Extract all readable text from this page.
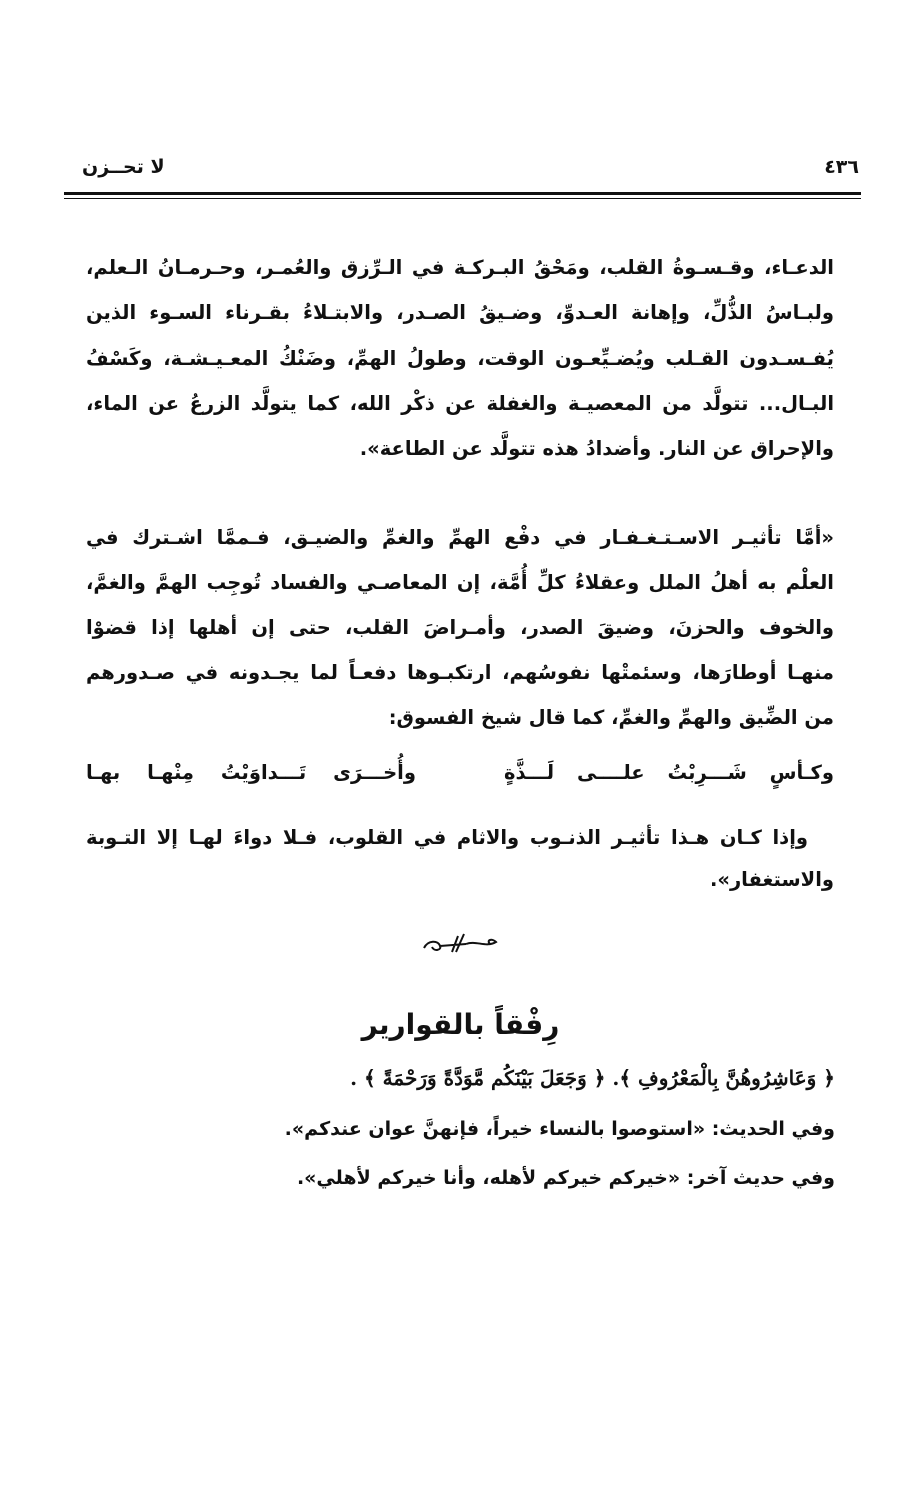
٤٣٦
لا تحــزن
الدعـاء، وقـسـوةُ القلب، ومَحْقُ البـركـة في الـرِّزق والعُمـر، وحـرمـانُ الـعلم،
ولبـاسُ الذُّلِّ، وإهانة العـدوِّ، وضـيقُ الصـدر، والابتـلاءُ بقـرناء السـوء الذين
يُفـسـدون القـلب ويُضـيِّعـون الوقت، وطولُ الهمِّ، وضَنْكُ المعـيـشـة، وكَسْفُ
البـال... تتولَّد من المعصيـة والغفلة عن ذكْر الله، كما يتولَّد الزرعُ عن الماء،
والإحراق عن النار. وأضدادُ هذه تتولَّد عن الطاعة».
«أمَّا تأثيـر الاسـتـغـفـار في دفْع الهمِّ والغمِّ والضيـق، فـممَّا اشـترك في
العلْم به أهلُ الملل وعقلاءُ كلِّ أُمَّة، إن المعاصـي والفساد تُوجِب الهمَّ والغمَّ،
والخوف والحزنَ، وضيقَ الصدر، وأمـراضَ القلب، حتى إن أهلها إذا قضوْا
منهـا أوطارَها، وسئمتْها نفوسُهم، ارتكبـوها دفعـاً لما يجـدونه في صـدورهم
من الضِّيق والهمِّ والغمِّ، كما قال شيخ الفسوق:
وكـأسٍ شَـــرِبْتُ علــــى لَـــذَّةٍ
وأُخـــرَى تَـــداوَيْتُ مِنْهـا بهـا
وإذا كـان هـذا تأثيـر الذنـوب والاثام في القلوب، فـلا دواءَ لهـا إلا التـوبة
والاستغفار».
رِفْقاً بالقوارير
﴿ وَعَاشِرُوهُنَّ بِالْمَعْرُوفِ ﴾. ﴿ وَجَعَلَ بَيْنَكُم مَّوَدَّةً وَرَحْمَةً ﴾ .
وفي الحديث: «استوصوا بالنساء خيراً، فإنهنَّ عوان عندكم».
وفي حديث آخر: «خيركم خيركم لأهله، وأنا خيركم لأهلي».
